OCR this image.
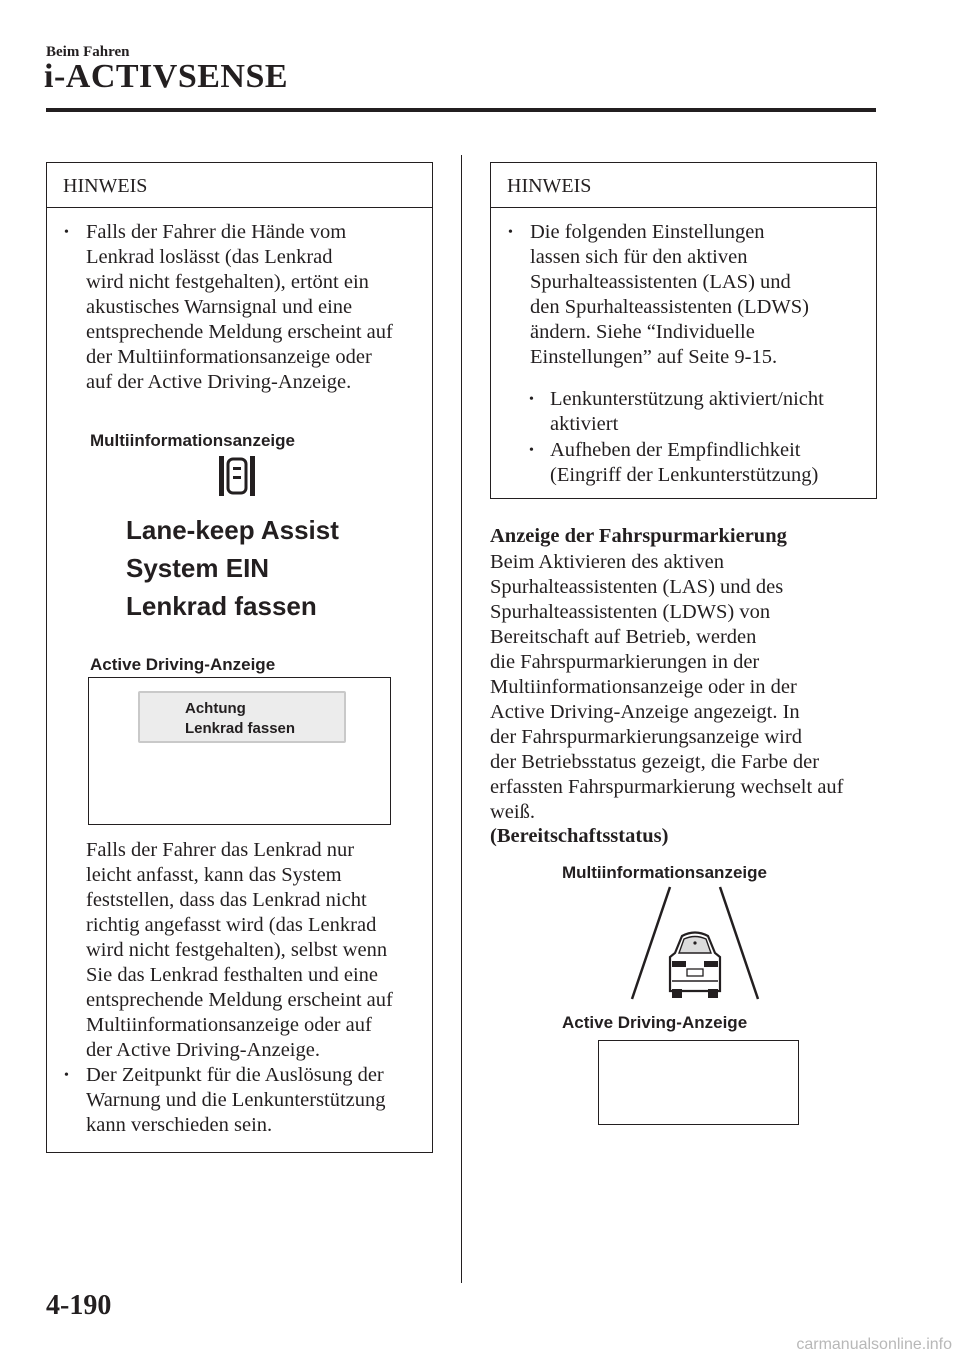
Beim Fahren
i-ACTIVSENSE
HINWEIS
• Falls der Fahrer die Hände vom
Lenkrad loslässt (das Lenkrad
wird nicht festgehalten), ertönt ein
akustisches Warnsignal und eine
entsprechende Meldung erscheint auf
der Multiinformationsanzeige oder
auf der Active Driving-Anzeige.
Multiinformationsanzeige
Lane-keep Assist
System EIN
Lenkrad fassen
Active Driving-Anzeige
Achtung
Lenkrad fassen
Falls der Fahrer das Lenkrad nur
leicht anfasst, kann das System
feststellen, dass das Lenkrad nicht
richtig angefasst wird (das Lenkrad
wird nicht festgehalten), selbst wenn
Sie das Lenkrad festhalten und eine
entsprechende Meldung erscheint auf
Multiinformationsanzeige oder auf
der Active Driving-Anzeige.
• Der Zeitpunkt für die Auslösung der
Warnung und die Lenkunterstützung
kann verschieden sein.
HINWEIS
• Die folgenden Einstellungen
lassen sich für den aktiven
Spurhalteassistenten (LAS) und
den Spurhalteassistenten (LDWS)
ändern. Siehe “Individuelle
Einstellungen” auf Seite 9-15.
• Lenkunterstützung aktiviert/nicht
aktiviert
• Aufheben der Empfindlichkeit
(Eingriff der Lenkunterstützung)
Anzeige der Fahrspurmarkierung
Beim Aktivieren des aktiven
Spurhalteassistenten (LAS) und des
Spurhalteassistenten (LDWS) von
Bereitschaft auf Betrieb, werden
die Fahrspurmarkierungen in der
Multiinformationsanzeige oder in der
Active Driving-Anzeige angezeigt. In
der Fahrspurmarkierungsanzeige wird
der Betriebsstatus gezeigt, die Farbe der
erfassten Fahrspurmarkierung wechselt auf
weiß.
(Bereitschaftsstatus)
Multiinformationsanzeige
Active Driving-Anzeige
4-190
carmanualsonline.info
